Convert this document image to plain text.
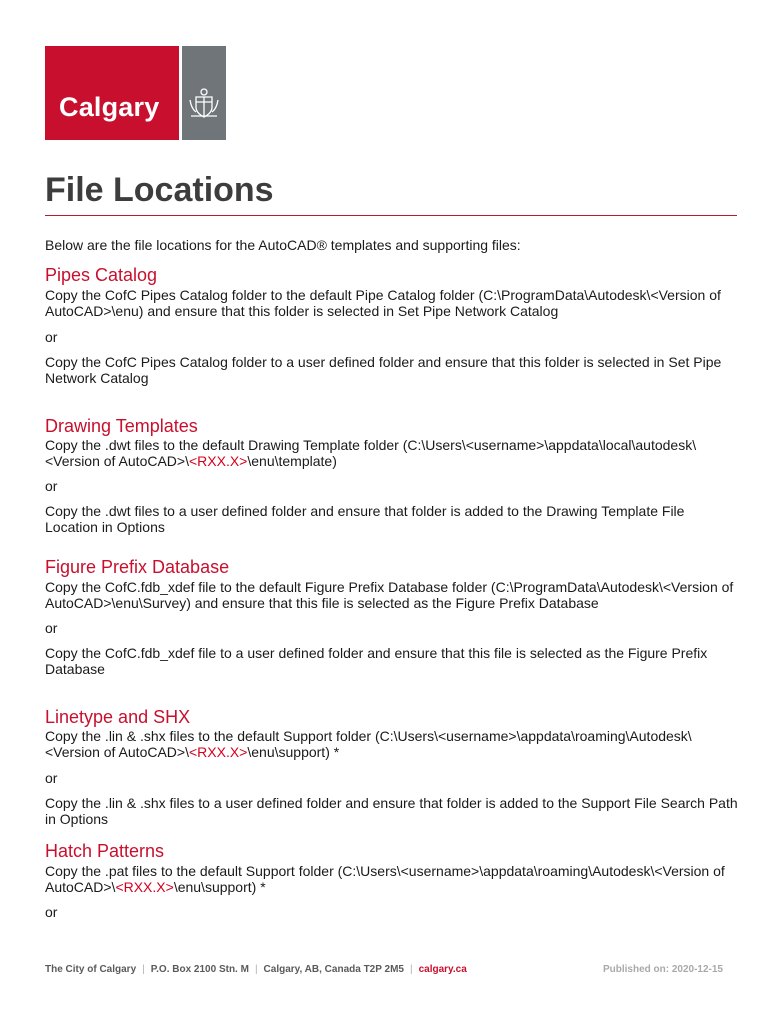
Calgary
File Locations

Below are the file locations for the AutoCAD® templates and supporting files:

Pipes Catalog

Copy the CofC Pipes Catalog folder to the default Pipe Catalog folder (C:\ProgramData\Autodesk\<Version of AutoCAD>\enu) and ensure that this folder is selected in Set Pipe Network Catalog

or

Copy the CofC Pipes Catalog folder to a user defined folder and ensure that this folder is selected in Set Pipe Network Catalog

Drawing Templates

Copy the .dwt files to the default Drawing Template folder (C:\Users\<username>\appdata\local\autodesk\<Version of AutoCAD>\<RXX.X>\enu\template)

or

Copy the .dwt files to a user defined folder and ensure that folder is added to the Drawing Template File Location in Options

Figure Prefix Database

Copy the CofC.fdb_xdef file to the default Figure Prefix Database folder (C:\ProgramData\Autodesk\<Version of AutoCAD>\enu\Survey) and ensure that this file is selected as the Figure Prefix Database

or

Copy the CofC.fdb_xdef file to a user defined folder and ensure that this file is selected as the Figure Prefix Database

Linetype and SHX

Copy the .lin & .shx files to the default Support folder (C:\Users\<username>\appdata\roaming\Autodesk\<Version of AutoCAD>\<RXX.X>\enu\support) *

or

Copy the .lin & .shx files to a user defined folder and ensure that folder is added to the Support File Search Path in Options

Hatch Patterns

Copy the .pat files to the default Support folder (C:\Users\<username>\appdata\roaming\Autodesk\<Version of AutoCAD>\<RXX.X>\enu\support) *

or

The City of Calgary | P.O. Box 2100 Stn. M | Calgary, AB, Canada T2P 2M5 | calgary.ca	Published on: 2020-12-15
